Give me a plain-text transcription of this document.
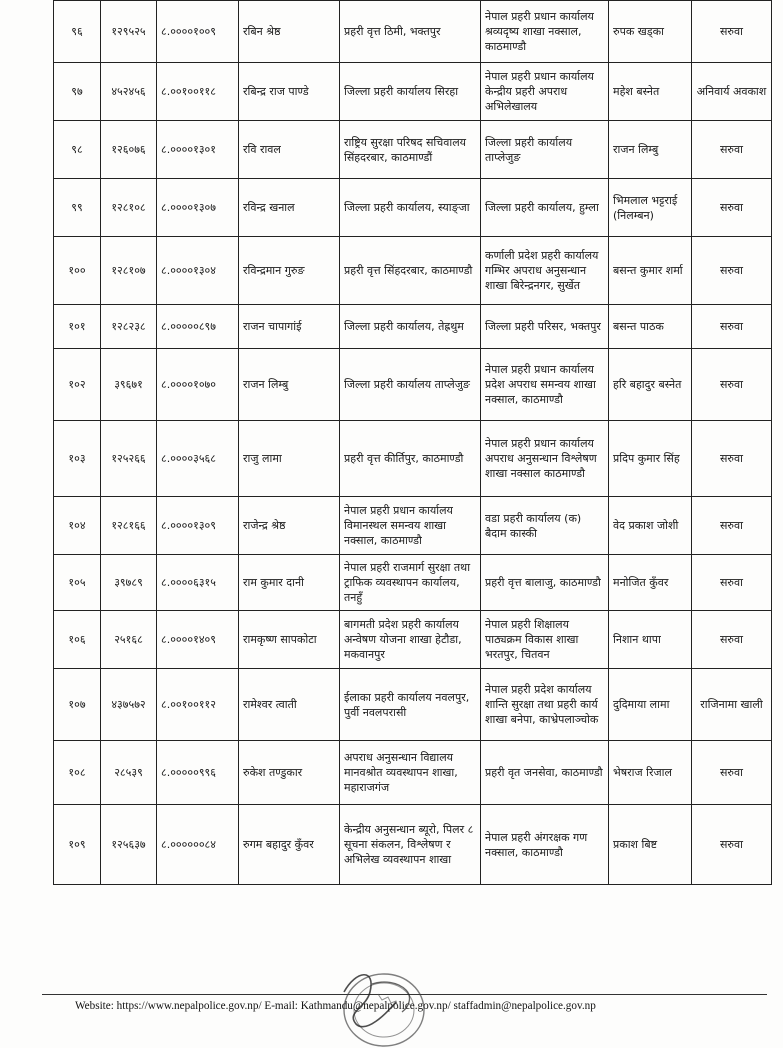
९६	१२९५२५	८.००००१००९	रबिन श्रेष्ठ	प्रहरी वृत्त ठिमी, भक्तपुर	नेपाल प्रहरी प्रधान कार्यालय श्रव्यदृष्य शाखा नक्साल, काठमाण्डौ	रुपक खड्का	सरुवा
९७	४५२४५६	८.००१००११८	रबिन्द्र राज पाण्डे	जिल्ला प्रहरी कार्यालय सिरहा	नेपाल प्रहरी प्रधान कार्यालय केन्द्रीय प्रहरी अपराध अभिलेखालय	महेश बस्नेत	अनिवार्य अवकाश
९८	१२६०७६	८.००००१३०१	रवि रावल	राष्ट्रिय सुरक्षा परिषद सचिवालय सिंहदरबार, काठमाण्डौं	जिल्ला प्रहरी कार्यालय ताप्लेजुङ	राजन लिम्बु	सरुवा
९९	१२८१०८	८.००००१३०७	रविन्द्र खनाल	जिल्ला प्रहरी कार्यालय, स्याङ्जा	जिल्ला प्रहरी कार्यालय, हुम्ला	भिमलाल भट्टराई (निलम्बन)	सरुवा
१००	१२८१०७	८.००००१३०४	रविन्द्रमान गुरुङ	प्रहरी वृत्त सिंहदरबार, काठमाण्डौ	कर्णाली प्रदेश प्रहरी कार्यालय गम्भिर अपराध अनुसन्धान शाखा बिरेन्द्रनगर, सुर्खेत	बसन्त कुमार शर्मा	सरुवा
१०१	१२८२३८	८.०००००८९७	राजन चापागांई	जिल्ला प्रहरी कार्यालय, तेह्रथुम	जिल्ला प्रहरी परिसर, भक्तपुर	बसन्त पाठक	सरुवा
१०२	३९६७१	८.००००१०७०	राजन लिम्बु	जिल्ला प्रहरी कार्यालय ताप्लेजुङ	नेपाल प्रहरी प्रधान कार्यालय प्रदेश अपराध समन्वय शाखा नक्साल, काठमाण्डौ	हरि बहादुर बस्नेत	सरुवा
१०३	१२५२६६	८.००००३५६८	राजु लामा	प्रहरी वृत्त कीर्तिपुर, काठमाण्डौ	नेपाल प्रहरी प्रधान कार्यालय अपराध अनुसन्धान विश्लेषण शाखा नक्साल काठमाण्डौ	प्रदिप कुमार सिंह	सरुवा
१०४	१२८१६६	८.००००१३०९	राजेन्द्र श्रेष्ठ	नेपाल प्रहरी प्रधान कार्यालय विमानस्थल समन्वय शाखा नक्साल, काठमाण्डौ	वडा प्रहरी कार्यालय (क) बैदाम कास्की	वेद प्रकाश जोशी	सरुवा
१०५	३९७८९	८.००००६३१५	राम कुमार दानी	नेपाल प्रहरी राजमार्ग सुरक्षा तथा ट्राफिक व्यवस्थापन कार्यालय, तनहुँ	प्रहरी वृत्त बालाजु, काठमाण्डौ	मनोजित कुँवर	सरुवा
१०६	२५१६८	८.००००१४०९	रामकृष्ण सापकोटा	बागमती प्रदेश प्रहरी कार्यालय अन्वेषण योजना शाखा हेटौडा, मकवानपुर	नेपाल प्रहरी शिक्षालय पाठ्यक्रम विकास शाखा भरतपुर, चितवन	निशान थापा	सरुवा
१०७	४३७५७२	८.००१००११२	रामेश्वर त्वाती	ईलाका प्रहरी कार्यालय नवलपुर, पुर्वी नवलपरासी	नेपाल प्रहरी प्रदेश कार्यालय शान्ति सुरक्षा तथा प्रहरी कार्य शाखा बनेपा, काभ्रेपलाञ्चोक	दुदिमाया लामा	राजिनामा खाली
१०८	२८५३९	८.०००००९९६	रुकेश तण्डुकार	अपराध अनुसन्धान विद्यालय मानवश्रोत व्यवस्थापन शाखा, महाराजगंज	प्रहरी वृत जनसेवा, काठमाण्डौ	भेषराज रिजाल	सरुवा
१०९	१२५६३७	८.००००००८४	रुगम बहादुर कुँवर	केन्द्रीय अनुसन्धान ब्यूरो, पिलर ८ सूचना संकलन, विश्लेषण र अभिलेख व्यवस्थापन शाखा	नेपाल प्रहरी अंगरक्षक गण नक्साल, काठमाण्डौ	प्रकाश बिष्ट	सरुवा
Website: https://www.nepalpolice.gov.np/ E-mail: Kathmandu@nepalpolice.gov.np/ staffadmin@nepalpolice.gov.np
